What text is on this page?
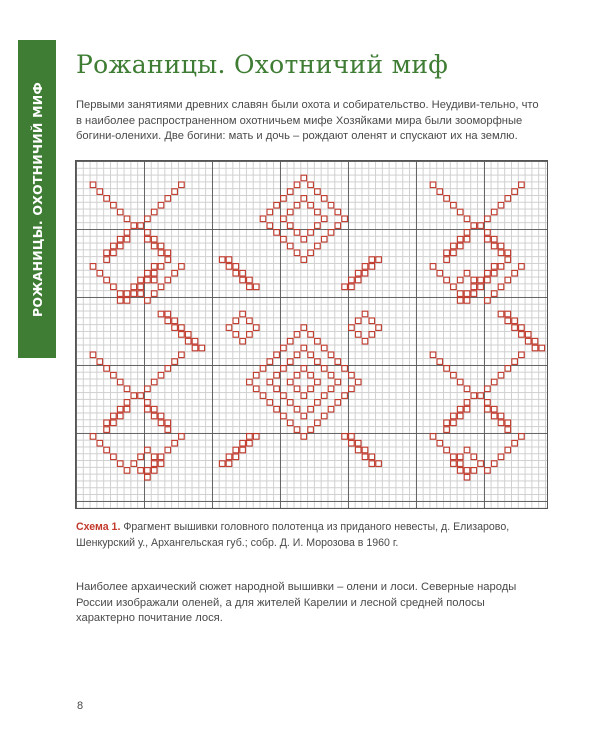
РОЖАНИЦЫ. ОХОТНИЧИЙ МИФ
Рожаницы. Охотничий миф

Первыми занятиями древних славян были охота и собирательство. Неудиви-тельно, что в наиболее распространенном охотничьем мифе Хозяйками мира были зооморфные богини-оленихи. Две богини: мать и дочь – рождают оленят и спускают их на землю.

Схема 1. Фрагмент вышивки головного полотенца из приданого невесты, д. Елизарово, Шенкурский у., Архангельская губ.; собр. Д. И. Морозова в 1960 г.

Наиболее архаический сюжет народной вышивки – олени и лоси. Северные народы России изображали оленей, а для жителей Карелии и лесной средней полосы характерно почитание лося.

8
